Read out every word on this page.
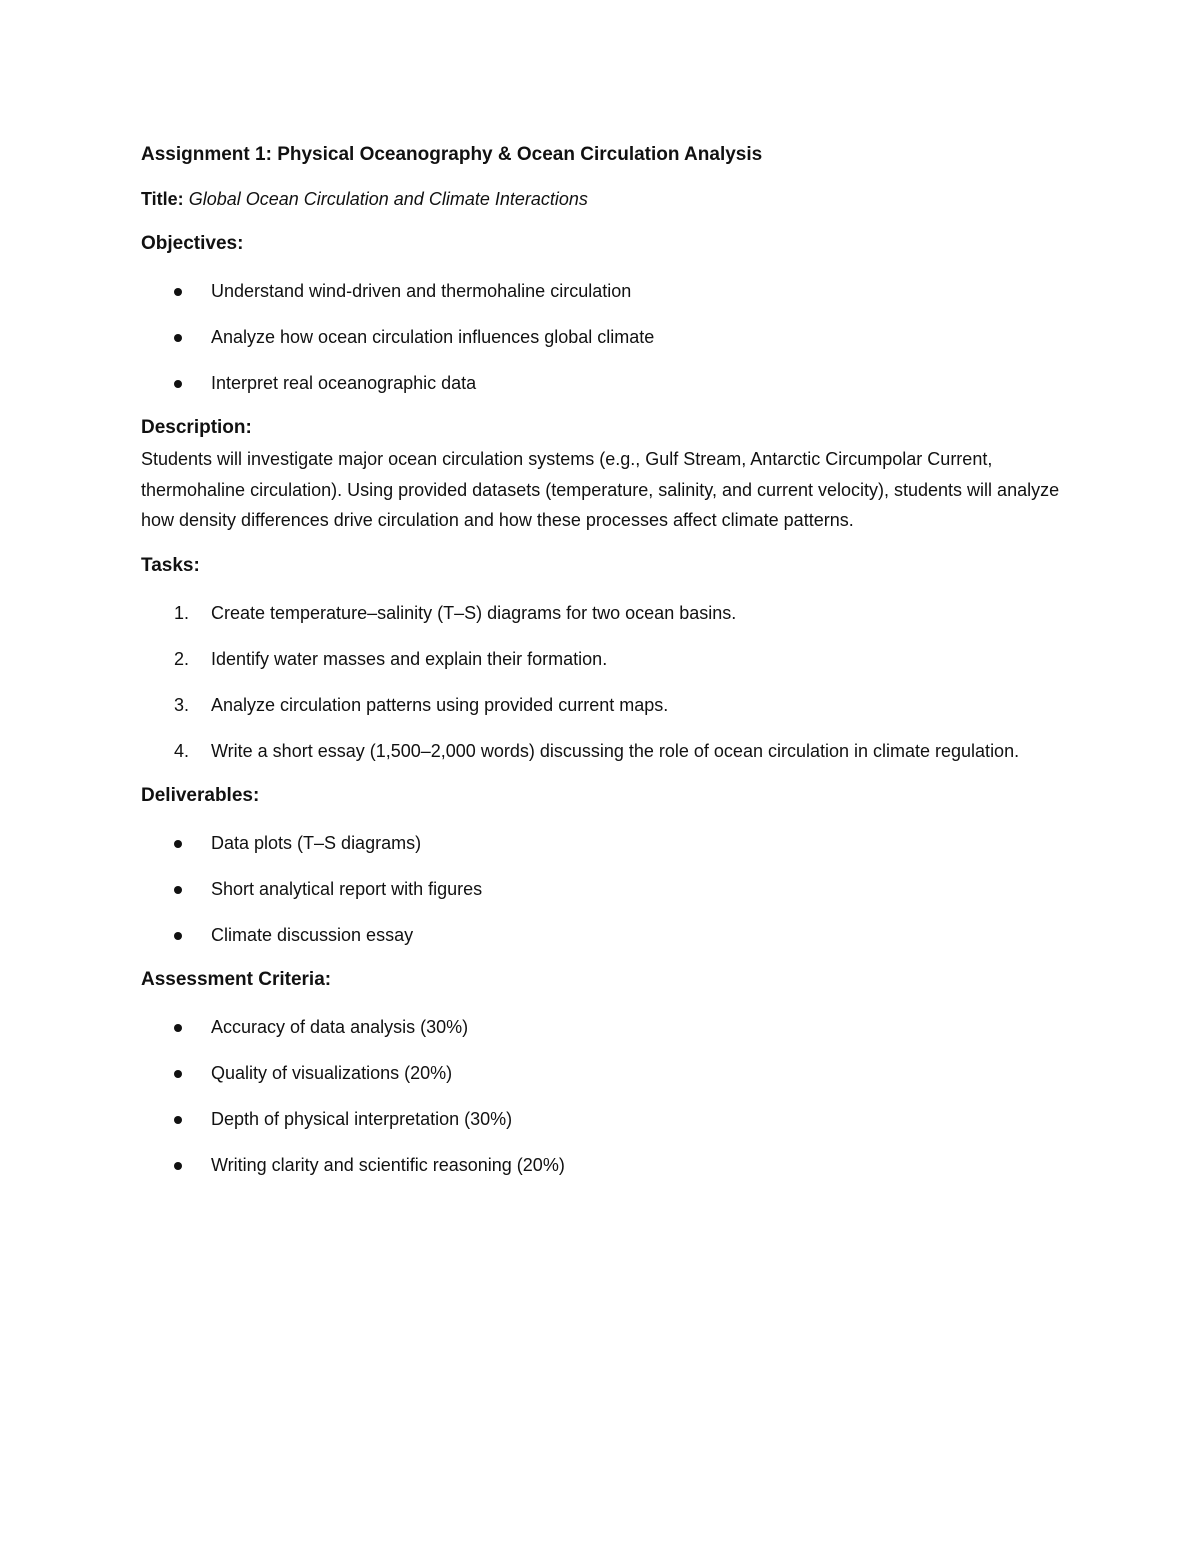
Assignment 1: Physical Oceanography & Ocean Circulation Analysis
Title: Global Ocean Circulation and Climate Interactions
Objectives:
Understand wind-driven and thermohaline circulation
Analyze how ocean circulation influences global climate
Interpret real oceanographic data
Description:
Students will investigate major ocean circulation systems (e.g., Gulf Stream, Antarctic Circumpolar Current, thermohaline circulation). Using provided datasets (temperature, salinity, and current velocity), students will analyze how density differences drive circulation and how these processes affect climate patterns.
Tasks:
1. Create temperature–salinity (T–S) diagrams for two ocean basins.
2. Identify water masses and explain their formation.
3. Analyze circulation patterns using provided current maps.
4. Write a short essay (1,500–2,000 words) discussing the role of ocean circulation in climate regulation.
Deliverables:
Data plots (T–S diagrams)
Short analytical report with figures
Climate discussion essay
Assessment Criteria:
Accuracy of data analysis (30%)
Quality of visualizations (20%)
Depth of physical interpretation (30%)
Writing clarity and scientific reasoning (20%)
